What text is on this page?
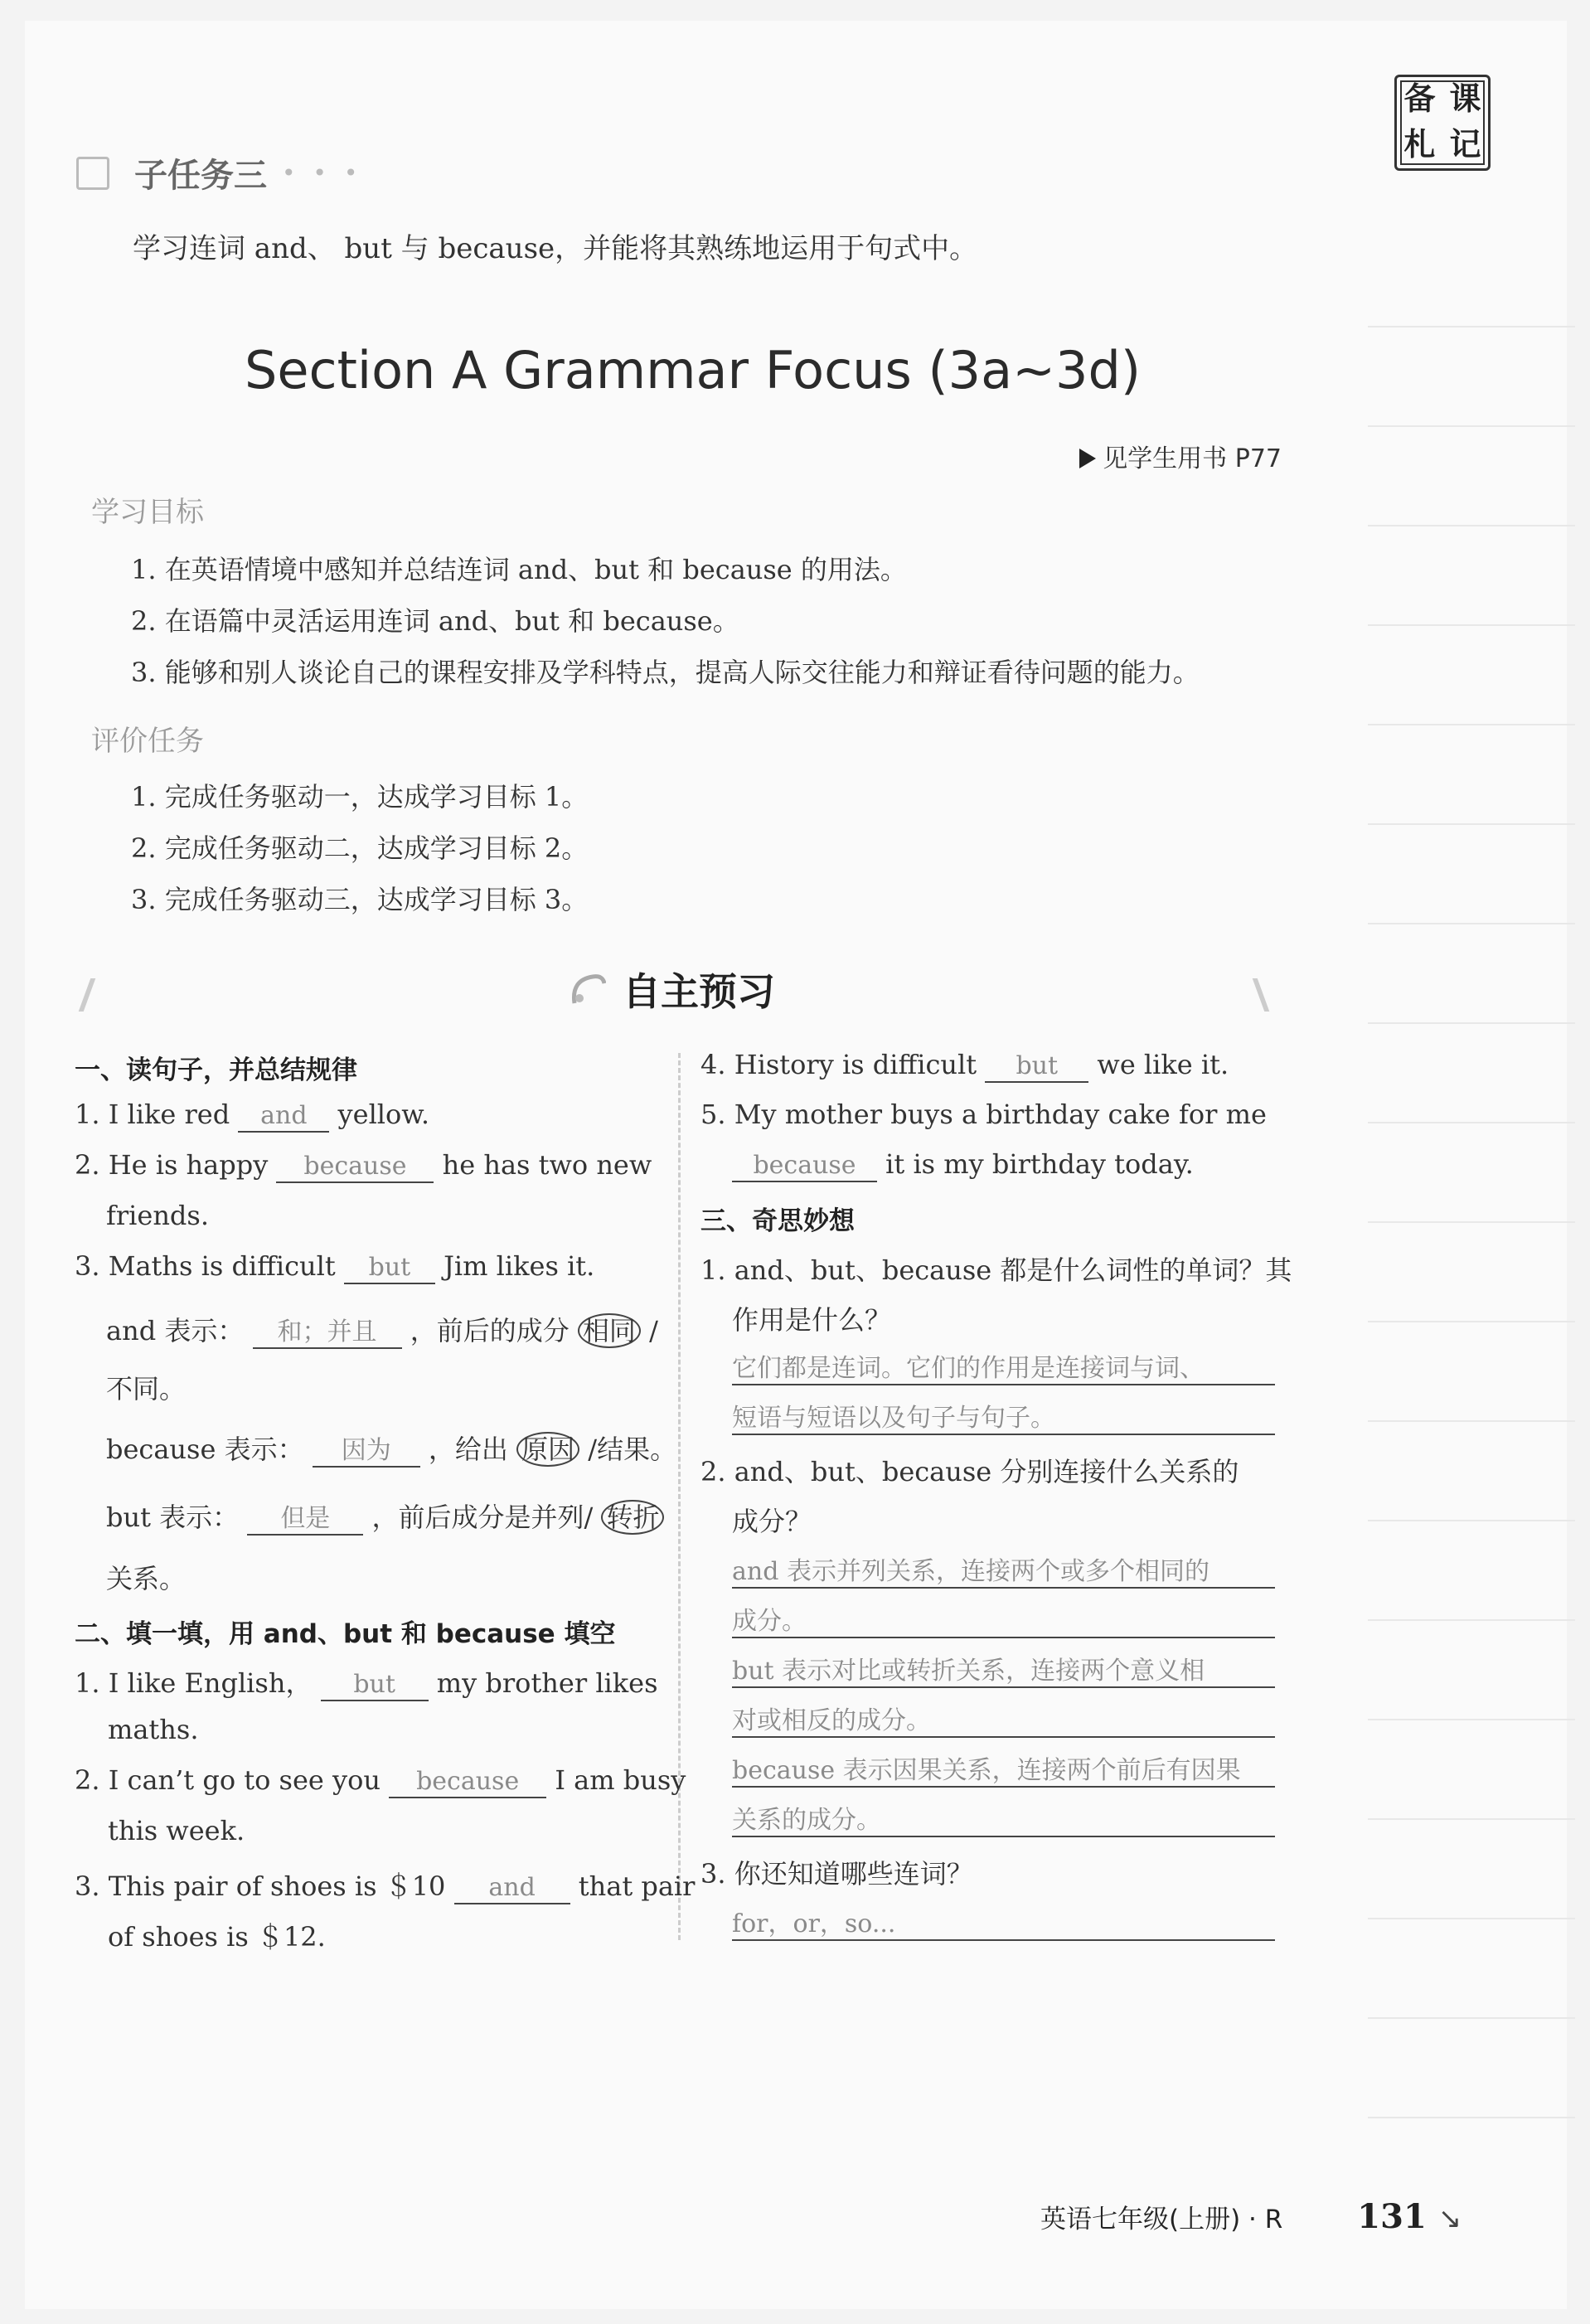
备 课
札 记
子任务三 • • •
学习连词 and、 but 与 because，并能将其熟练地运用于句式中。
Section A Grammar Focus (3a~3d)
见学生用书 P77
学习目标
1. 在英语情境中感知并总结连词 and、but 和 because 的用法。
2. 在语篇中灵活运用连词 and、but 和 because。
3. 能够和别人谈论自己的课程安排及学科特点，提高人际交往能力和辩证看待问题的能力。
评价任务
1. 完成任务驱动一，达成学习目标 1。
2. 完成任务驱动二，达成学习目标 2。
3. 完成任务驱动三，达成学习目标 3。
自主预习
一、读句子，并总结规律
1. I like red and yellow.
2. He is happy because he has two new
friends.
3. Maths is difficult but Jim likes it.
and 表示： 和；并且 ，前后的成分 相同 /
不同。
because 表示： 因为 ，给出 原因 /结果。
but 表示： 但是 ，前后成分是并列/ 转折
关系。
二、填一填，用 and、but 和 because 填空
1. I like English， but my brother likes
maths.
2. I can’t go to see you because I am busy
this week.
3. This pair of shoes is ＄10 and that pair
of shoes is ＄12.
4. History is difficult but we like it.
5. My mother buys a birthday cake for me
because it is my birthday today.
三、奇思妙想
1. and、but、because 都是什么词性的单词？其
作用是什么？
它们都是连词。它们的作用是连接词与词、
短语与短语以及句子与句子。
2. and、but、because 分别连接什么关系的
成分？
and 表示并列关系，连接两个或多个相同的
成分。
but 表示对比或转折关系，连接两个意义相
对或相反的成分。
because 表示因果关系，连接两个前后有因果
关系的成分。
3. 你还知道哪些连词？
for，or，so...
英语七年级(上册) · R 131 ↘
